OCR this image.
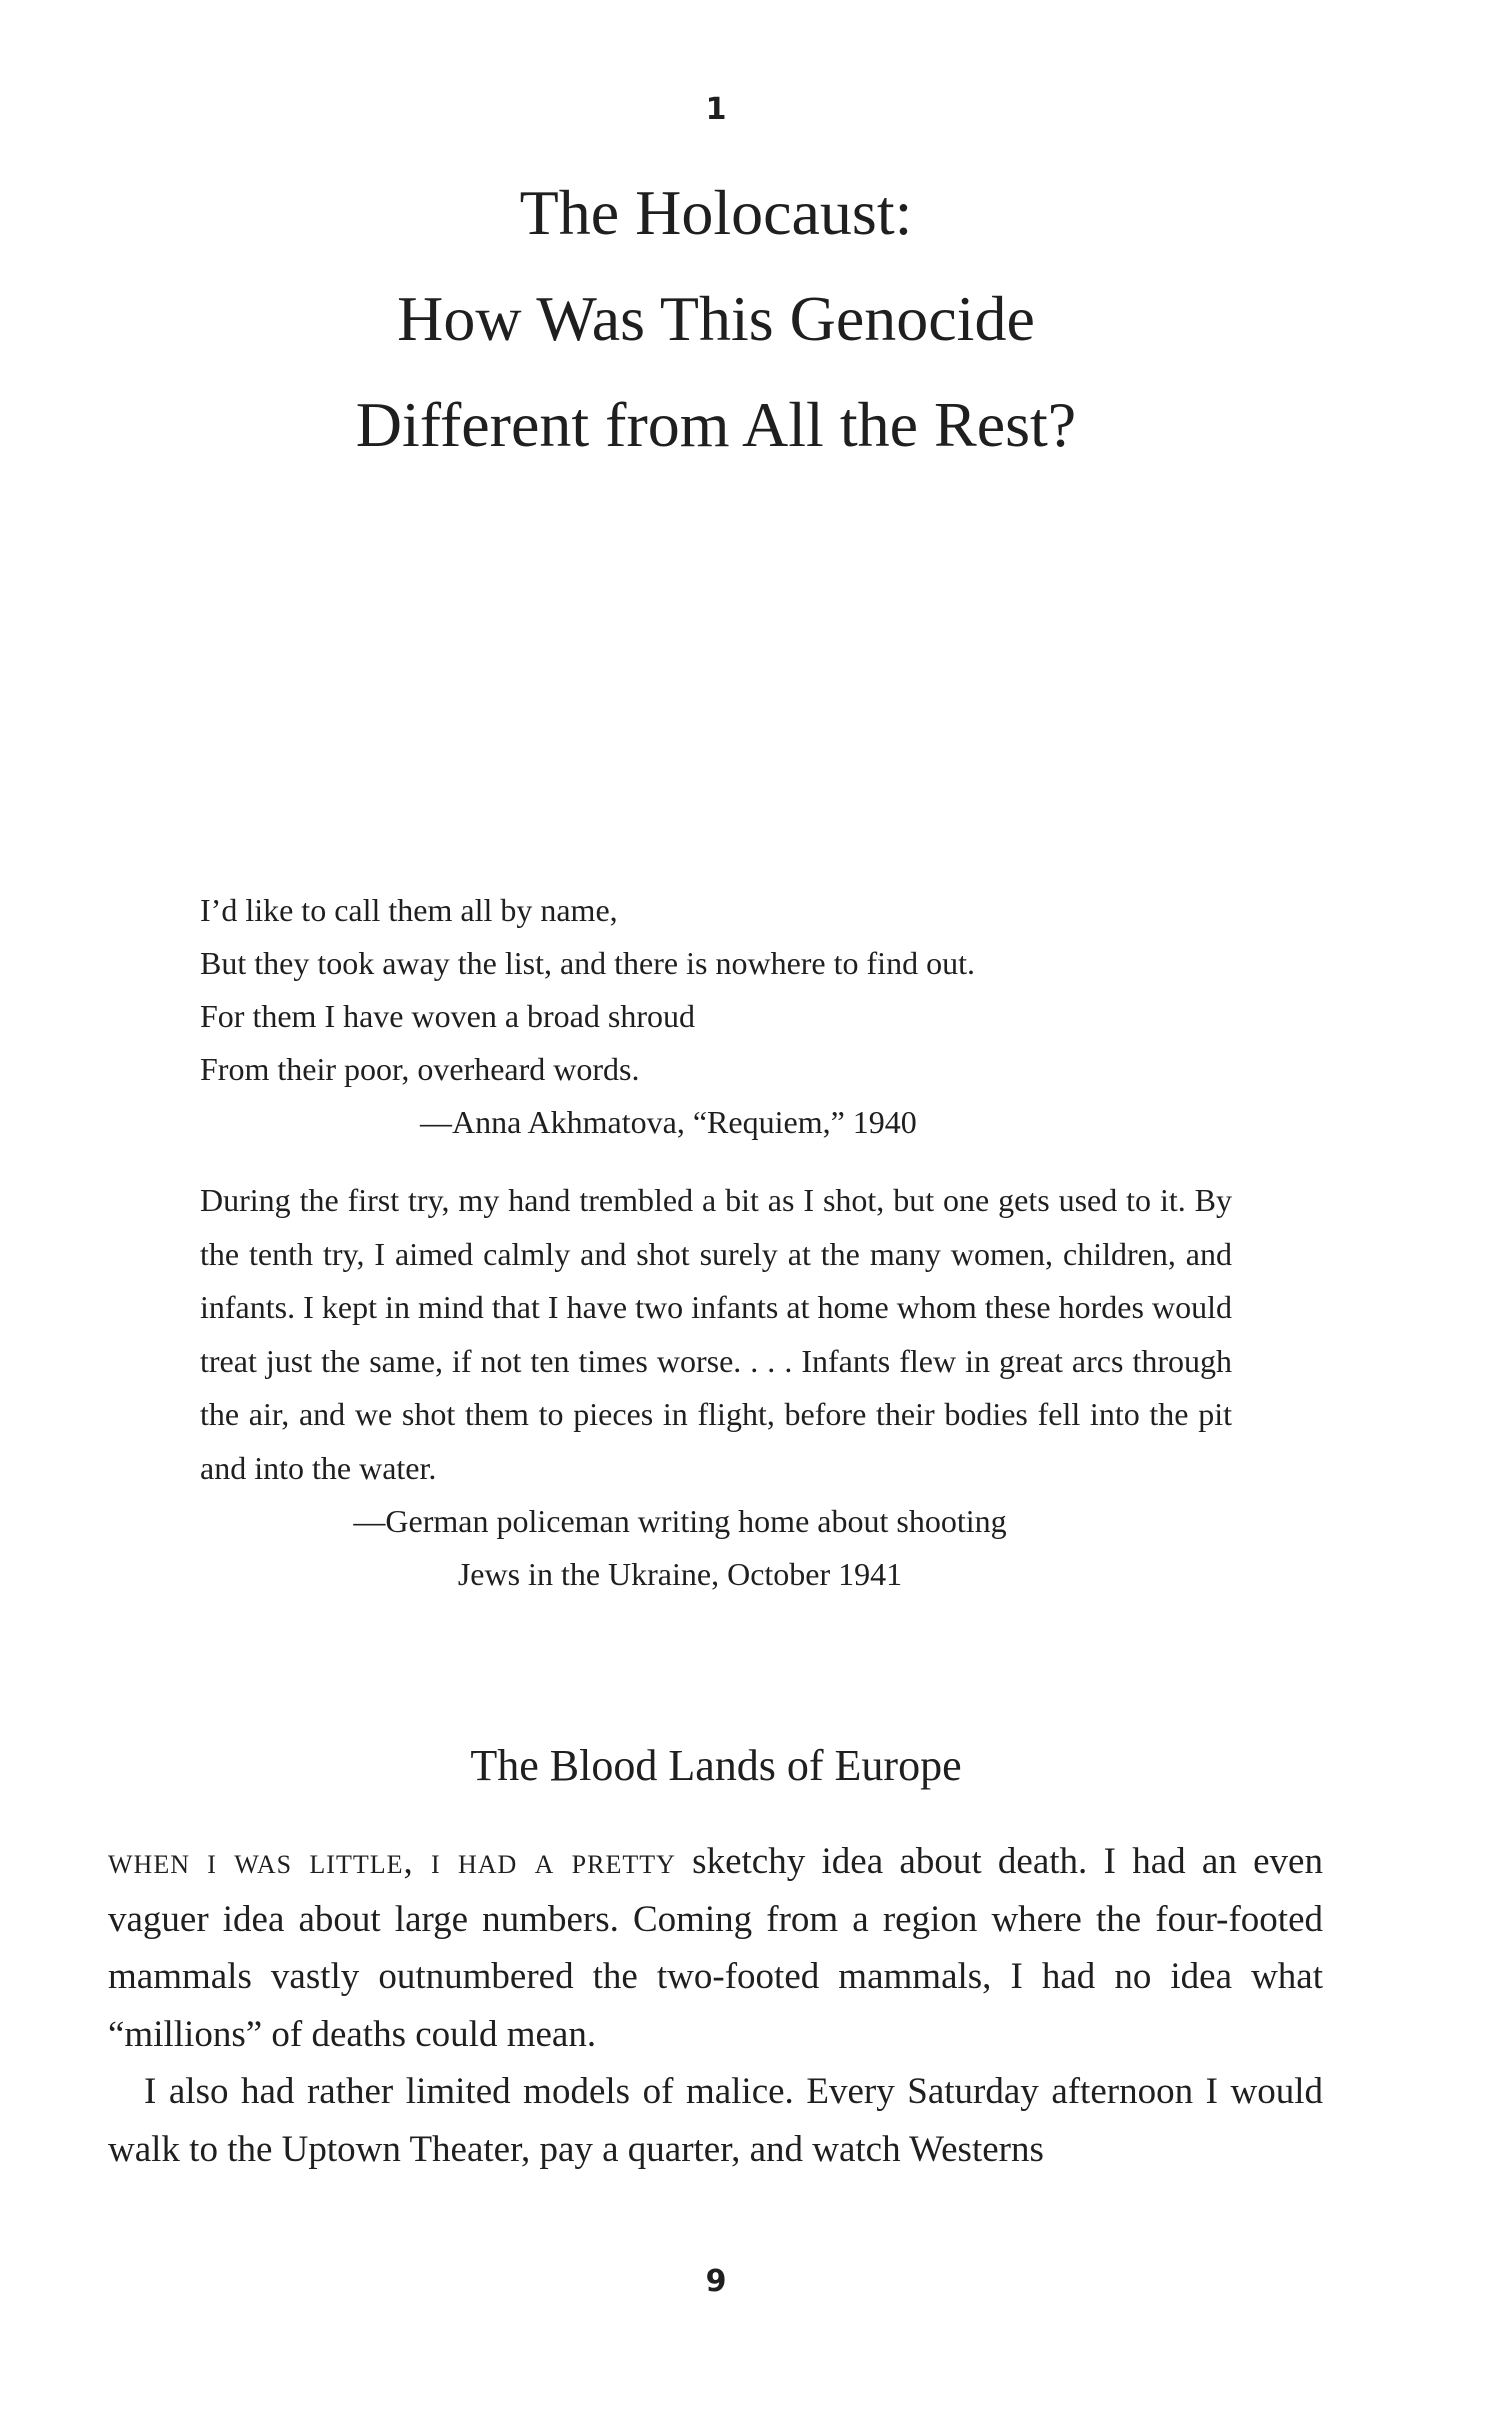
1
The Holocaust:
How Was This Genocide
Different from All the Rest?
I’d like to call them all by name,
But they took away the list, and there is nowhere to find out.
For them I have woven a broad shroud
From their poor, overheard words.
—Anna Akhmatova, “Requiem,” 1940
During the first try, my hand trembled a bit as I shot, but one gets used to it. By the tenth try, I aimed calmly and shot surely at the many women, children, and infants. I kept in mind that I have two infants at home whom these hordes would treat just the same, if not ten times worse. . . . Infants flew in great arcs through the air, and we shot them to pieces in flight, before their bodies fell into the pit and into the water.
—German policeman writing home about shooting
Jews in the Ukraine, October 1941
The Blood Lands of Europe

when i was little, i had a pretty sketchy idea about death. I had an even vaguer idea about large numbers. Coming from a region where the four-footed mammals vastly outnumbered the two-footed mammals, I had no idea what “millions” of deaths could mean.

I also had rather limited models of malice. Every Saturday afternoon I would walk to the Uptown Theater, pay a quarter, and watch Westerns

9
